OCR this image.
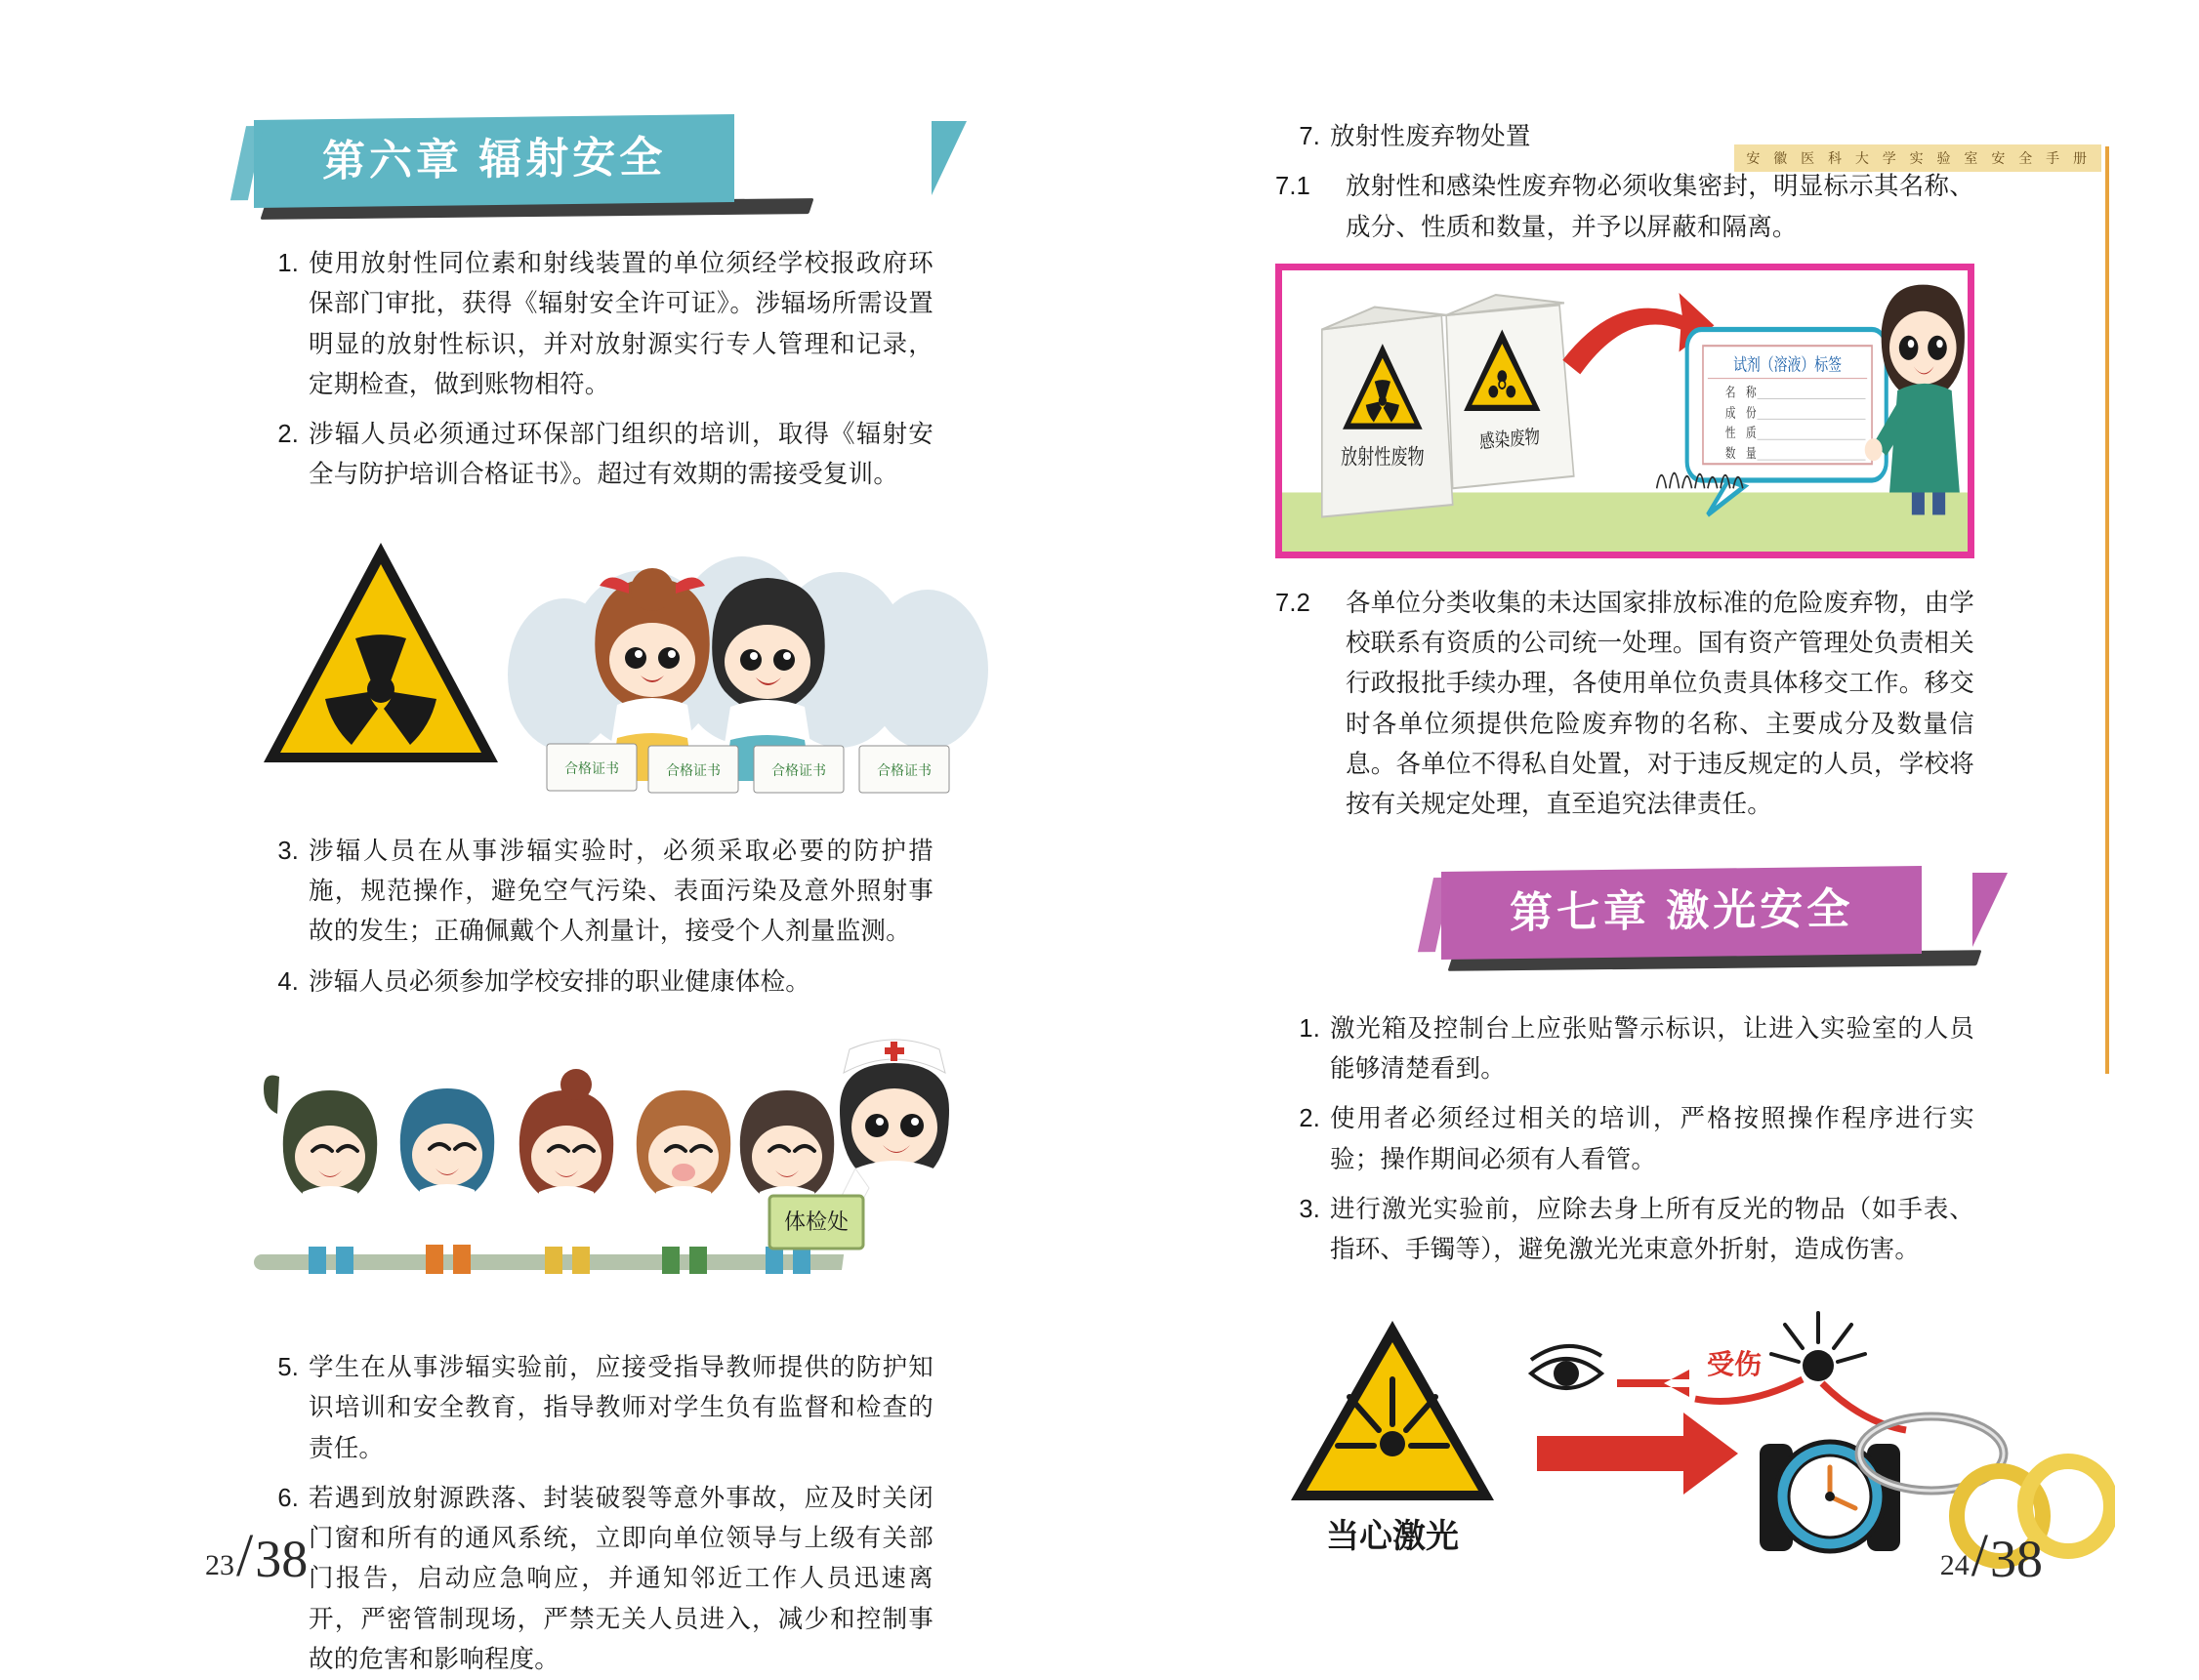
第六章 辐射安全
1. 使用放射性同位素和射线装置的单位须经学校报政府环保部门审批，获得《辐射安全许可证》。涉辐场所需设置明显的放射性标识，并对放射源实行专人管理和记录，定期检查，做到账物相符。
2. 涉辐人员必须通过环保部门组织的培训，取得《辐射安全与防护培训合格证书》。超过有效期的需接受复训。
合格证书	合格证书	合格证书	合格证书
3. 涉辐人员在从事涉辐实验时，必须采取必要的防护措施，规范操作，避免空气污染、表面污染及意外照射事故的发生；正确佩戴个人剂量计，接受个人剂量监测。
4. 涉辐人员必须参加学校安排的职业健康体检。
体检处
5. 学生在从事涉辐实验前，应接受指导教师提供的防护知识培训和安全教育，指导教师对学生负有监督和检查的责任。
6. 若遇到放射源跌落、封装破裂等意外事故，应及时关闭门窗和所有的通风系统，立即向单位领导与上级有关部门报告，启动应急响应，并通知邻近工作人员迅速离开，严密管制现场，严禁无关人员进入，减少和控制事故的危害和影响程度。
23 / 38
安 徽 医 科 大 学 实 验 室 安 全 手 册
7. 放射性废弃物处置
7.1	放射性和感染性废弃物必须收集密封，明显标示其名称、成分、性质和数量，并予以屏蔽和隔离。
放射性废物
感染废物
试剂（溶液）标签
名　称
成　份
性　质
数　量
7.2	各单位分类收集的未达国家排放标准的危险废弃物，由学校联系有资质的公司统一处理。国有资产管理处负责相关行政报批手续办理，各使用单位负责具体移交工作。移交时各单位须提供危险废弃物的名称、主要成分及数量信息。各单位不得私自处置，对于违反规定的人员，学校将按有关规定处理，直至追究法律责任。
第七章 激光安全
1. 激光箱及控制台上应张贴警示标识，让进入实验室的人员能够清楚看到。
2. 使用者必须经过相关的培训，严格按照操作程序进行实验；操作期间必须有人看管。
3. 进行激光实验前，应除去身上所有反光的物品（如手表、指环、手镯等），避免激光光束意外折射，造成伤害。
当心激光
受伤
24 / 38
